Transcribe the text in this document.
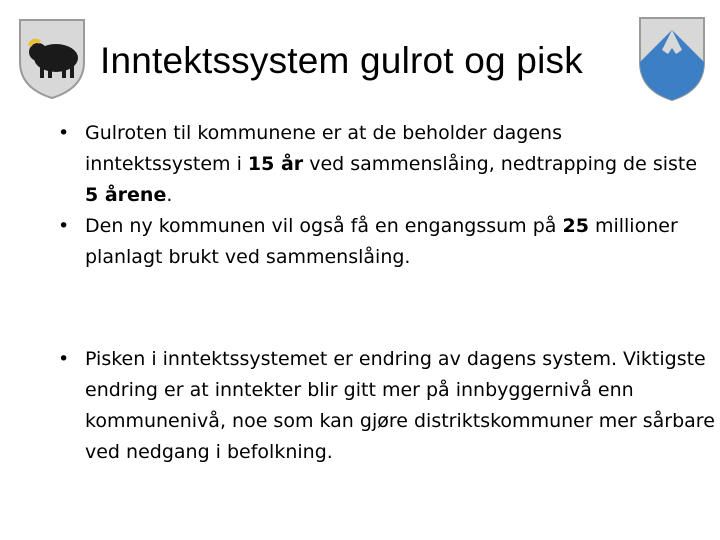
Inntektssystem gulrot og pisk
• Gulroten til kommunene er at de beholder dagens inntektssystem i 15 år ved sammenslåing, nedtrapping de siste 5 årene.
• Den ny kommunen vil også få en engangssum på 25 millioner planlagt brukt ved sammenslåing.
• Pisken i inntektssystemet er endring av dagens system. Viktigste endring er at inntekter blir gitt mer på innbyggernivå enn kommunenivå, noe som kan gjøre distriktskommuner mer sårbare ved nedgang i befolkning.
